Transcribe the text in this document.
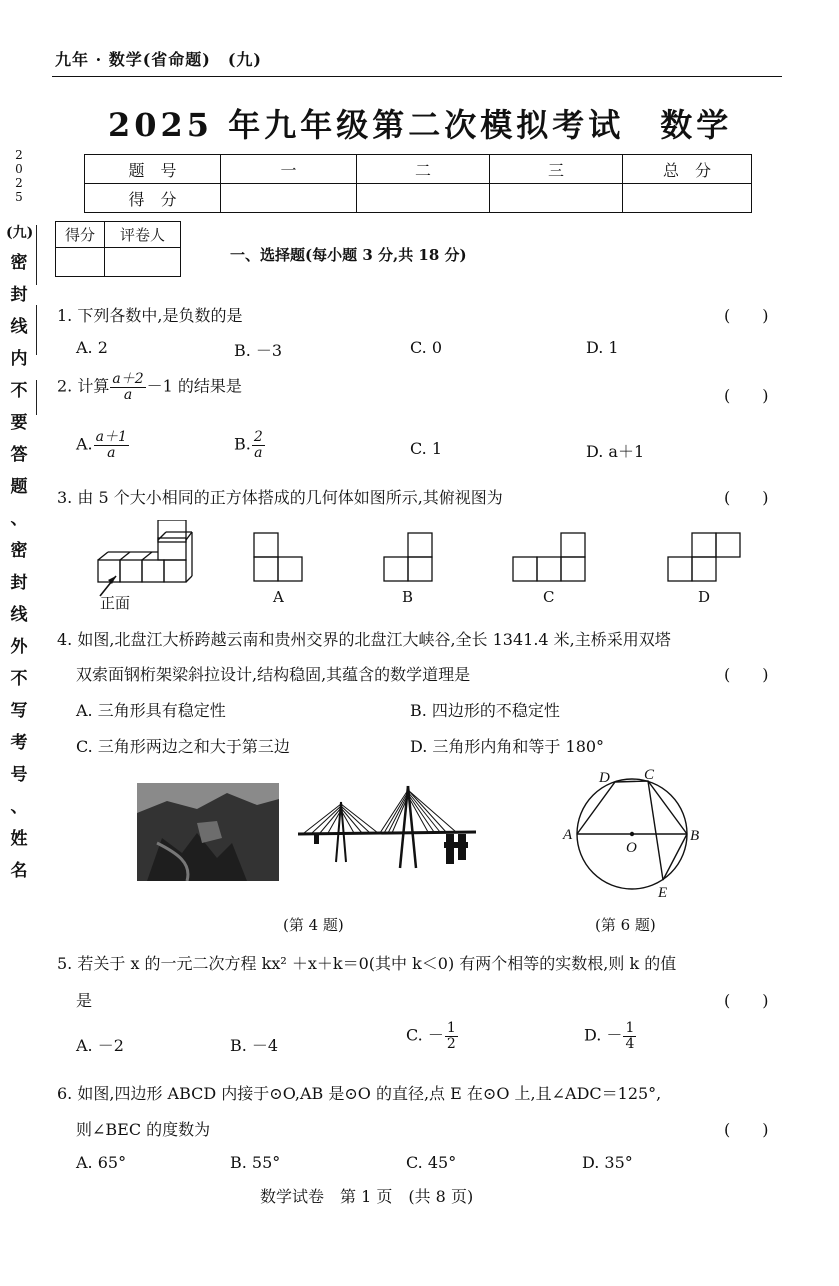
九年 · 数学(省命题)　(九)
2
0
2
5
(九)
密
封
线
内
不
要
答
题
、
密
封
线
外
不
写
考
号
、
姓
名
2025 年九年级第二次模拟考试　数学
题　号	一	二	三	总　分
得　分				
得分	评卷人

一、选择题(每小题 3 分,共 18 分)
1. 下列各数中,是负数的是	(　　)
A. 2	B. －3	C. 0	D. 1
2. 计算 $\frac{a+2}{a} -1$ 的结果是	(　　)
A. $\frac{a+1}{a}$	B. $\frac{2}{a}$	C. 1	D. a＋1
3. 由 5 个大小相同的正方体搭成的几何体如图所示,其俯视图为	(　　)
正面	A	B	C	D
4. 如图,北盘江大桥跨越云南和贵州交界的北盘江大峡谷,全长 1341.4 米,主桥采用双塔
双索面钢桁架梁斜拉设计,结构稳固,其蕴含的数学道理是	(　　)
A. 三角形具有稳定性	B. 四边形的不稳定性
C. 三角形两边之和大于第三边	D. 三角形内角和等于 180°
(第 4 题)
A	B
C
D
E
O
(第 6 题)
5. 若关于 x 的一元二次方程 kx² ＋x＋k＝0(其中 k＜0) 有两个相等的实数根,则 k 的值
是	(　　)
A. －2	B. －4
C. － $\frac{1}{2}$	D. － $\frac{1}{4}$
6. 如图,四边形 ABCD 内接于⊙O,AB 是⊙O 的直径,点 E 在⊙O 上,且∠ADC＝125°,
则∠BEC 的度数为	(　　)
A. 65°	B. 55°	C. 45°	D. 35°
数学试卷　第 1 页　(共 8 页)
